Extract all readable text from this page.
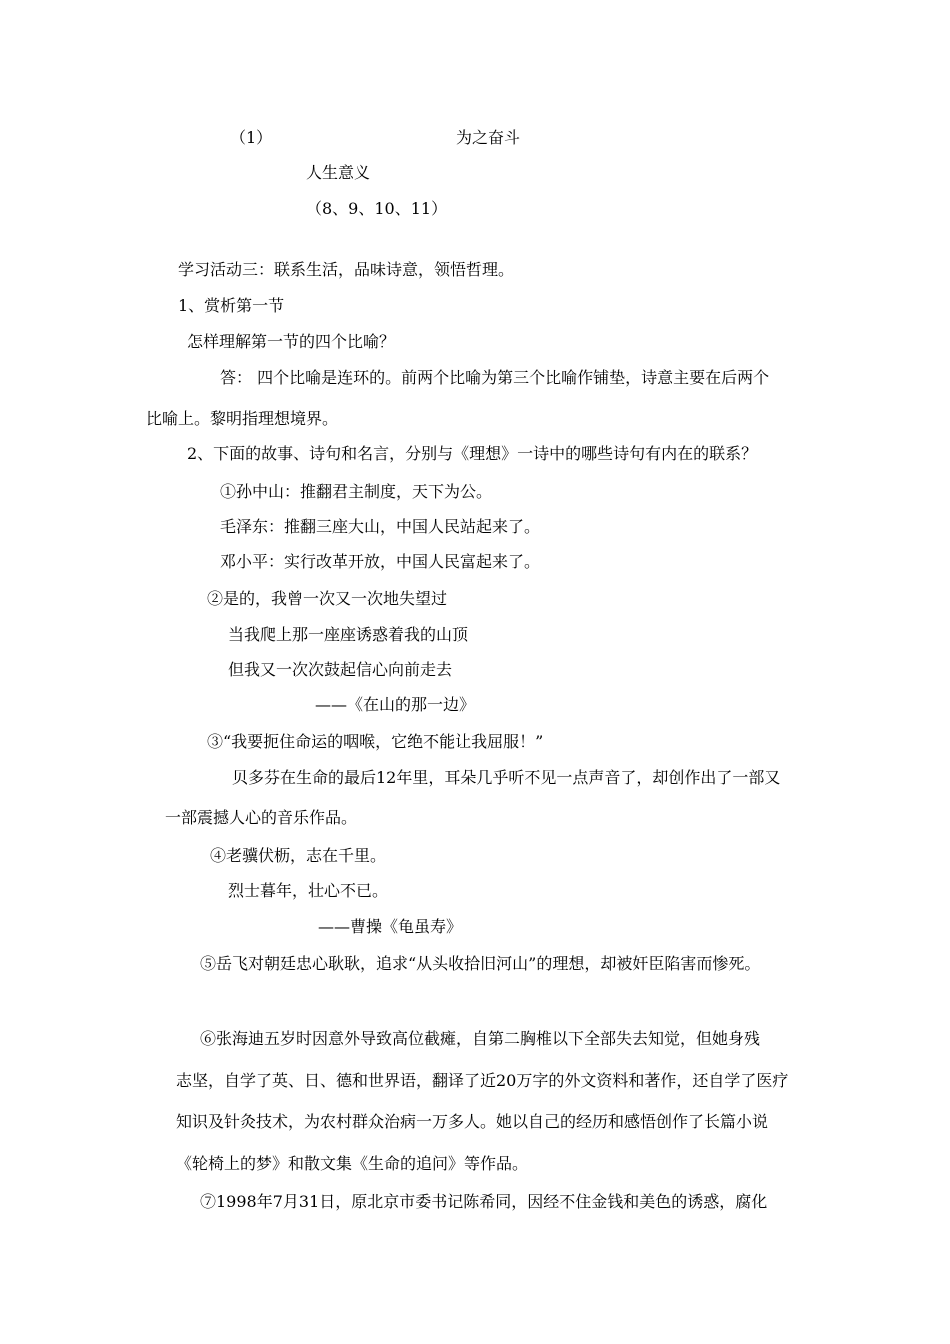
（1）	为之奋斗
人生意义
（8、9、10、11）
学习活动三：联系生活，品味诗意，领悟哲理。
1、赏析第一节
怎样理解第一节的四个比喻？
答： 四个比喻是连环的。前两个比喻为第三个比喻作铺垫，诗意主要在后两个
比喻上。黎明指理想境界。
2、下面的故事、诗句和名言，分别与《理想》一诗中的哪些诗句有内在的联系？
①孙中山：推翻君主制度，天下为公。
毛泽东：推翻三座大山，中国人民站起来了。
邓小平：实行改革开放，中国人民富起来了。
②是的，我曾一次又一次地失望过
当我爬上那一座座诱惑着我的山顶
但我又一次次鼓起信心向前走去
——《在山的那一边》
③“我要扼住命运的咽喉，它绝不能让我屈服！”
贝多芬在生命的最后12年里，耳朵几乎听不见一点声音了，却创作出了一部又
一部震撼人心的音乐作品。
④老骥伏枥，志在千里。
烈士暮年，壮心不已。
——曹操《龟虽寿》
⑤岳飞对朝廷忠心耿耿，追求“从头收拾旧河山”的理想，却被奸臣陷害而惨死。
⑥张海迪五岁时因意外导致高位截瘫，自第二胸椎以下全部失去知觉，但她身残
志坚，自学了英、日、德和世界语，翻译了近20万字的外文资料和著作，还自学了医疗
知识及针灸技术，为农村群众治病一万多人。她以自己的经历和感悟创作了长篇小说
《轮椅上的梦》和散文集《生命的追问》等作品。
⑦1998年7月31日，原北京市委书记陈希同，因经不住金钱和美色的诱惑，腐化
